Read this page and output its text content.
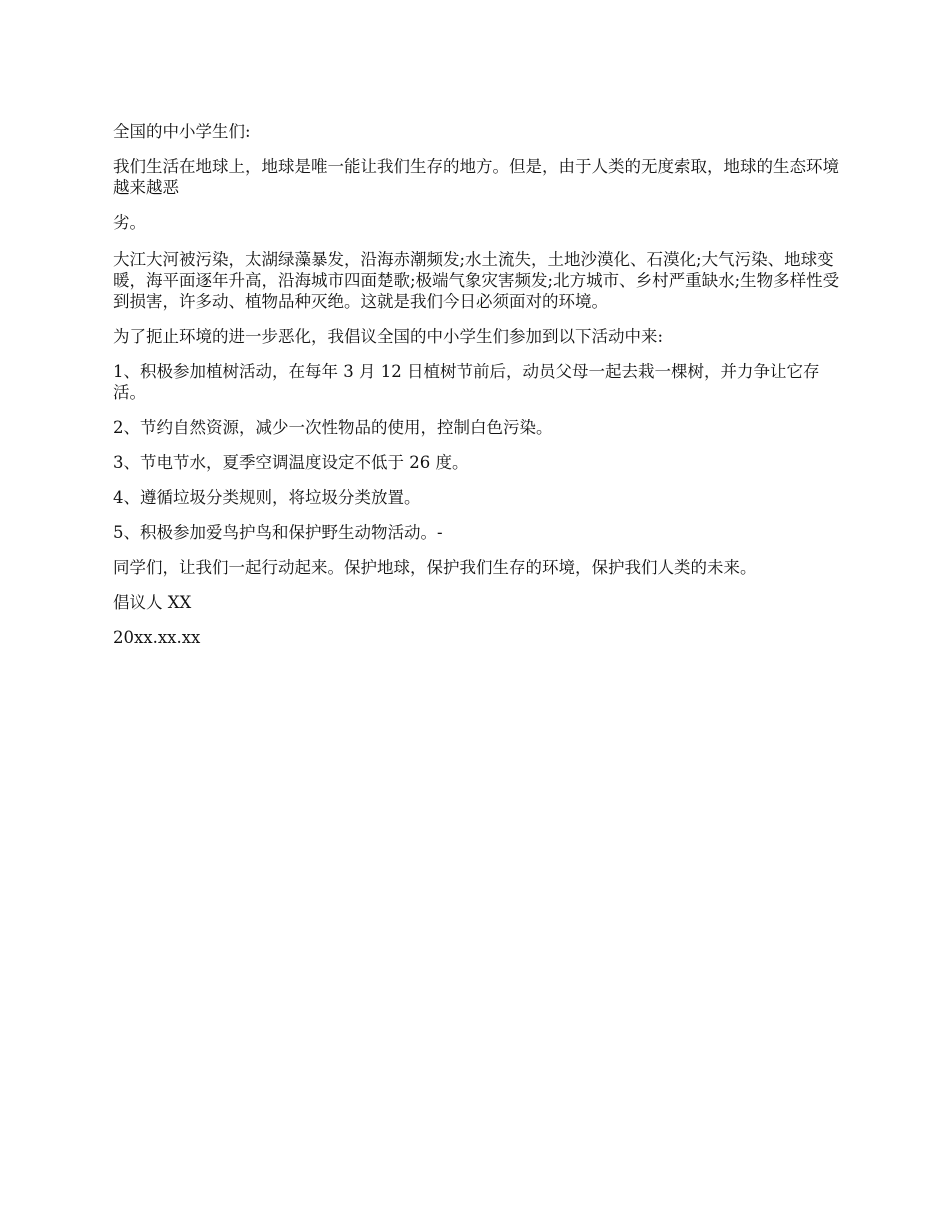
全国的中小学生们:

我们生活在地球上，地球是唯一能让我们生存的地方。但是，由于人类的无度索取，地球的生态环境越来越恶

劣。

大江大河被污染，太湖绿藻暴发，沿海赤潮频发;水土流失，土地沙漠化、石漠化;大气污染、地球变暖，海平面逐年升高，沿海城市四面楚歌;极端气象灾害频发;北方城市、乡村严重缺水;生物多样性受到损害，许多动、植物品种灭绝。这就是我们今日必须面对的环境。

为了扼止环境的进一步恶化，我倡议全国的中小学生们参加到以下活动中来:

1、积极参加植树活动，在每年 3 月 12 日植树节前后，动员父母一起去栽一棵树，并力争让它存活。

2、节约自然资源，减少一次性物品的使用，控制白色污染。

3、节电节水，夏季空调温度设定不低于 26 度。

4、遵循垃圾分类规则，将垃圾分类放置。

5、积极参加爱鸟护鸟和保护野生动物活动。-

同学们，让我们一起行动起来。保护地球，保护我们生存的环境，保护我们人类的未来。

倡议人 XX

20xx.xx.xx
